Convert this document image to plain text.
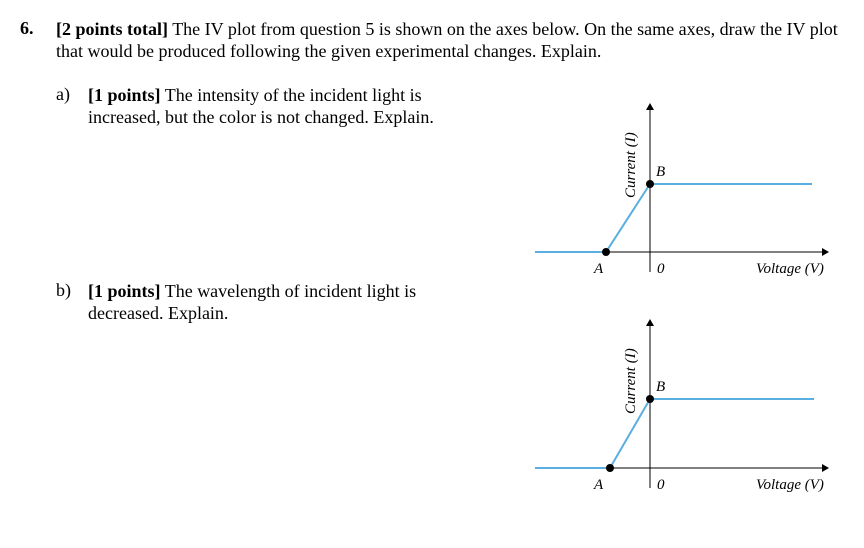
6. [2 points total] The IV plot from question 5 is shown on the axes below. On the same axes, draw the IV plot that would be produced following the given experimental changes. Explain.
a) [1 points] The intensity of the incident light is increased, but the color is not changed. Explain.
b) [1 points] The wavelength of incident light is decreased. Explain.
Current (I) B
A	0	Voltage (V)
Current (I) B
A	0	Voltage (V)
